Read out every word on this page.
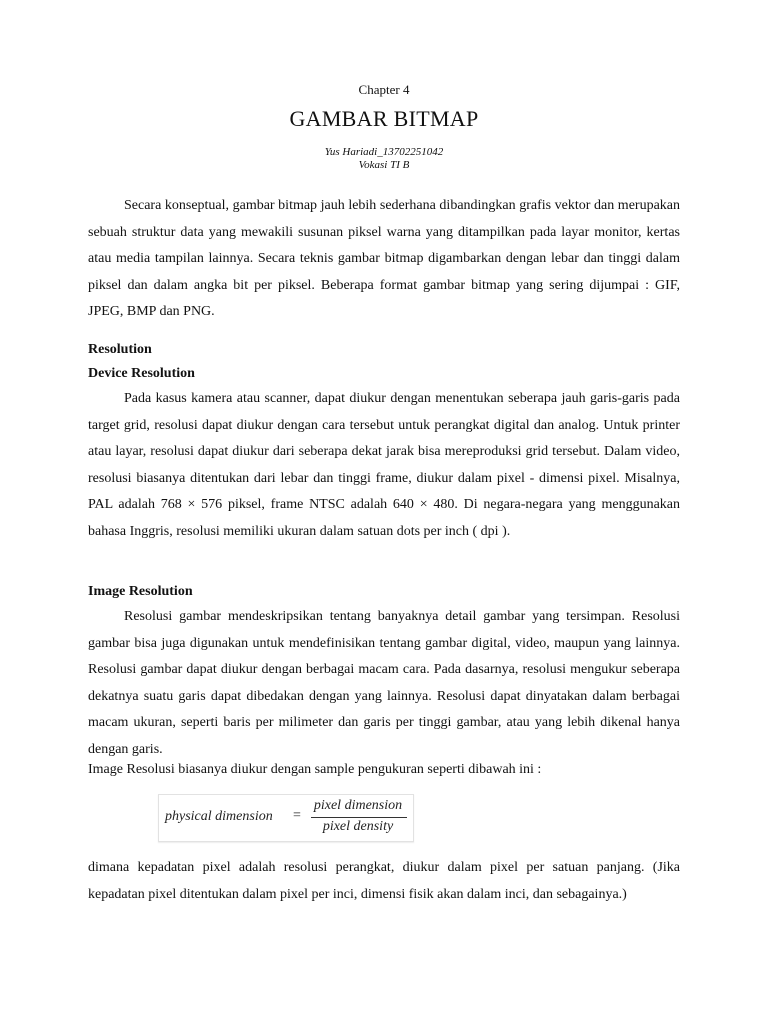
Chapter 4
GAMBAR BITMAP
Yus Hariadi_13702251042
Vokasi TI B

Secara konseptual, gambar bitmap jauh lebih sederhana dibandingkan grafis vektor dan merupakan sebuah struktur data yang mewakili susunan piksel warna yang ditampilkan pada layar monitor, kertas atau media tampilan lainnya. Secara teknis gambar bitmap digambarkan dengan lebar dan tinggi dalam piksel dan dalam angka bit per piksel. Beberapa format gambar bitmap yang sering dijumpai : GIF, JPEG, BMP dan PNG.

Resolution
Device Resolution

Pada kasus kamera atau scanner, dapat diukur dengan menentukan seberapa jauh garis-garis pada target grid, resolusi dapat diukur dengan cara tersebut untuk perangkat digital dan analog. Untuk printer atau layar, resolusi dapat diukur dari seberapa dekat jarak bisa mereproduksi grid tersebut. Dalam video, resolusi biasanya ditentukan dari lebar dan tinggi frame, diukur dalam pixel - dimensi pixel. Misalnya, PAL adalah 768 × 576 piksel, frame NTSC adalah 640 × 480. Di negara-negara yang menggunakan bahasa Inggris, resolusi memiliki ukuran dalam satuan dots per inch ( dpi ).

Image Resolution

Resolusi gambar mendeskripsikan tentang banyaknya detail gambar yang tersimpan. Resolusi gambar bisa juga digunakan untuk mendefinisikan tentang gambar digital, video, maupun yang lainnya. Resolusi gambar dapat diukur dengan berbagai macam cara. Pada dasarnya, resolusi mengukur seberapa dekatnya suatu garis dapat dibedakan dengan yang lainnya. Resolusi dapat dinyatakan dalam berbagai macam ukuran, seperti baris per milimeter dan garis per tinggi gambar, atau yang lebih dikenal hanya dengan garis.

Image Resolusi biasanya diukur dengan sample pengukuran seperti dibawah ini :

physical dimension =
pixel dimension
pixel density

dimana kepadatan pixel adalah resolusi perangkat, diukur dalam pixel per satuan panjang. (Jika kepadatan pixel ditentukan dalam pixel per inci, dimensi fisik akan dalam inci, dan sebagainya.)
